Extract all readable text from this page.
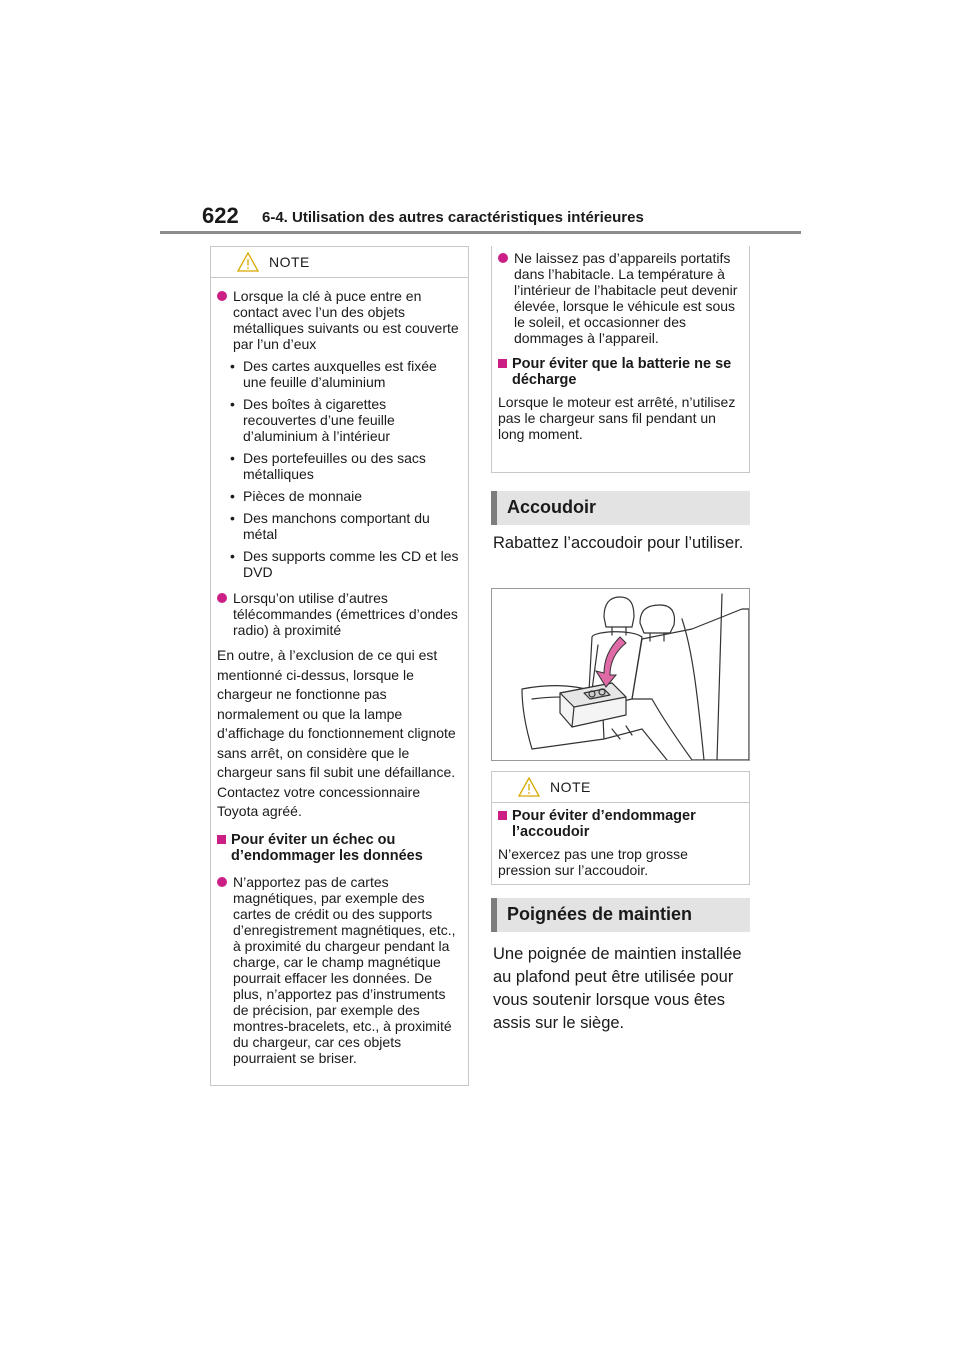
622 6-4. Utilisation des autres caractéristiques intérieures
NOTE
Lorsque la clé à puce entre en contact avec l’un des objets métalliques suivants ou est couverte par l’un d’eux
• Des cartes auxquelles est fixée une feuille d’aluminium
• Des boîtes à cigarettes recouvertes d’une feuille d’aluminium à l’intérieur
• Des portefeuilles ou des sacs métalliques
• Pièces de monnaie
• Des manchons comportant du métal
• Des supports comme les CD et les DVD
Lorsqu’on utilise d’autres télécommandes (émettrices d’ondes radio) à proximité
En outre, à l’exclusion de ce qui est mentionné ci-dessus, lorsque le chargeur ne fonctionne pas normalement ou que la lampe d’affichage du fonctionnement clignote sans arrêt, on considère que le chargeur sans fil subit une défaillance. Contactez votre concessionnaire Toyota agréé.
Pour éviter un échec ou d’endommager les données
N’apportez pas de cartes magnétiques, par exemple des cartes de crédit ou des supports d’enregistrement magnétiques, etc., à proximité du chargeur pendant la charge, car le champ magnétique pourrait effacer les données. De plus, n’apportez pas d’instruments de précision, par exemple des montres-bracelets, etc., à proximité du chargeur, car ces objets pourraient se briser.
Ne laissez pas d’appareils portatifs dans l’habitacle. La température à l’intérieur de l’habitacle peut devenir élevée, lorsque le véhicule est sous le soleil, et occasionner des dommages à l’appareil.
Pour éviter que la batterie ne se décharge
Lorsque le moteur est arrêté, n’utilisez pas le chargeur sans fil pendant un long moment.
Accoudoir
Rabattez l’accoudoir pour l’utiliser.
NOTE
Pour éviter d’endommager l’accoudoir
N’exercez pas une trop grosse pression sur l’accoudoir.
Poignées de maintien
Une poignée de maintien installée au plafond peut être utilisée pour vous soutenir lorsque vous êtes assis sur le siège.
